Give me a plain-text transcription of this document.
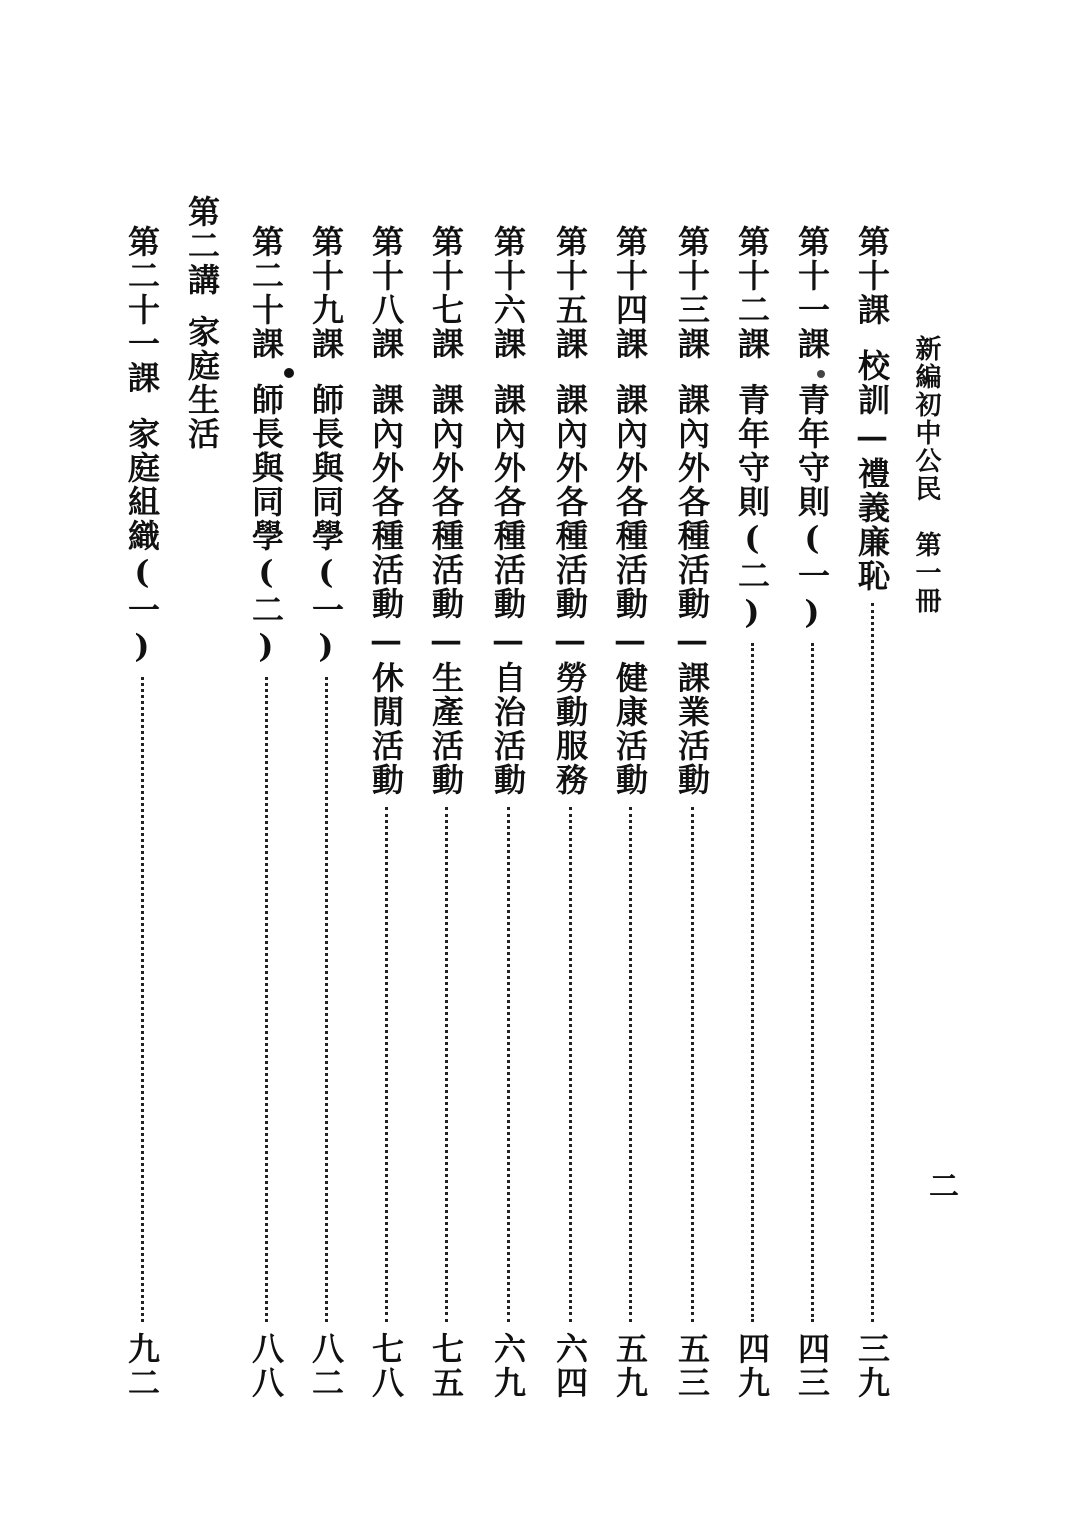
新編初中公民　第一冊
二
第十課
校訓—禮義廉恥
三九
第十一課
青年守則(一)
四三
第十二課
青年守則(二)
四九
第十三課
課內外各種活動—課業活動
五三
第十四課
課內外各種活動—健康活動
五九
第十五課
課內外各種活動—勞動服務
六四
第十六課
課內外各種活動—自治活動
六九
第十七課
課內外各種活動—生產活動
七五
第十八課
課內外各種活動—休閒活動
七八
第十九課
師長與同學(一)
八二
第二十課
師長與同學(二)
八八
第二講
家庭生活
第二十一課
家庭組織(一)
九二
